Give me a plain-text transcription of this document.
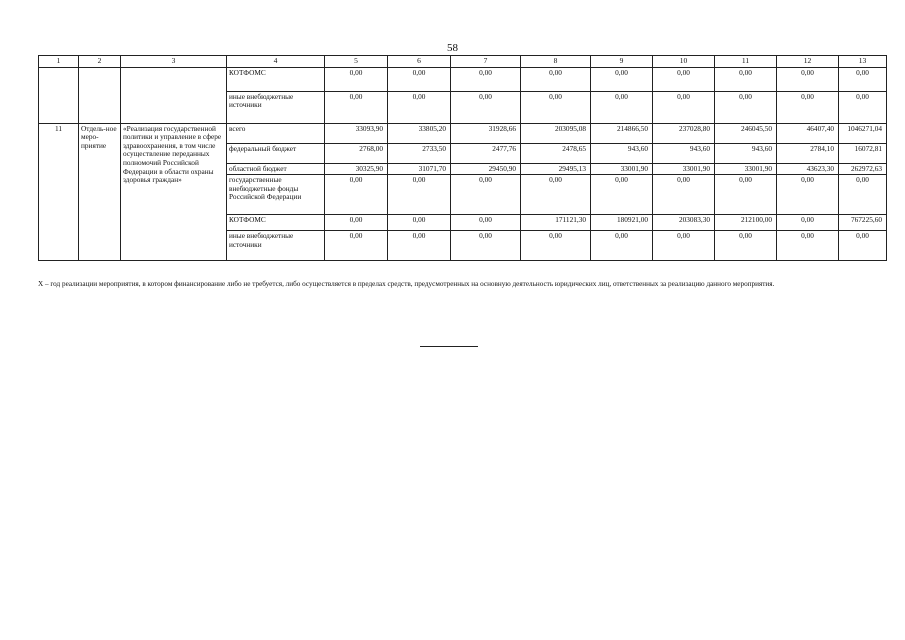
58
1	2	3	4	5	6	7	8	9	10	11	12	13
			КОТФОМС	0,00	0,00	0,00	0,00	0,00	0,00	0,00	0,00	0,00
			иные внебюджетные источники	0,00	0,00	0,00	0,00	0,00	0,00	0,00	0,00	0,00
11	Отдель-ное меро-приятие	«Реализация государственной политики и управление в сфере здравоохранения, в том числе осуществление переданных полномочий Российской Федерации в области охраны здоровья граждан»	всего	33093,90	33805,20	31928,66	203095,08	214866,50	237028,80	246045,50	46407,40	1046271,04
			федеральный бюджет	2768,00	2733,50	2477,76	2478,65	943,60	943,60	943,60	2784,10	16072,81
			областной бюджет	30325,90	31071,70	29450,90	29495,13	33001,90	33001,90	33001,90	43623,30	262972,63
			государственные внебюджетные фонды Российской Федерации	0,00	0,00	0,00	0,00	0,00	0,00	0,00	0,00	0,00
			КОТФОМС	0,00	0,00	0,00	171121,30	180921,00	203083,30	212100,00	0,00	767225,60
			иные внебюджетные источники	0,00	0,00	0,00	0,00	0,00	0,00	0,00	0,00	0,00
X – год реализации мероприятия, в котором финансирование либо не требуется, либо осуществляется в пределах средств, предусмотренных на основную деятельность юридических лиц, ответственных за реализацию данного мероприятия.
